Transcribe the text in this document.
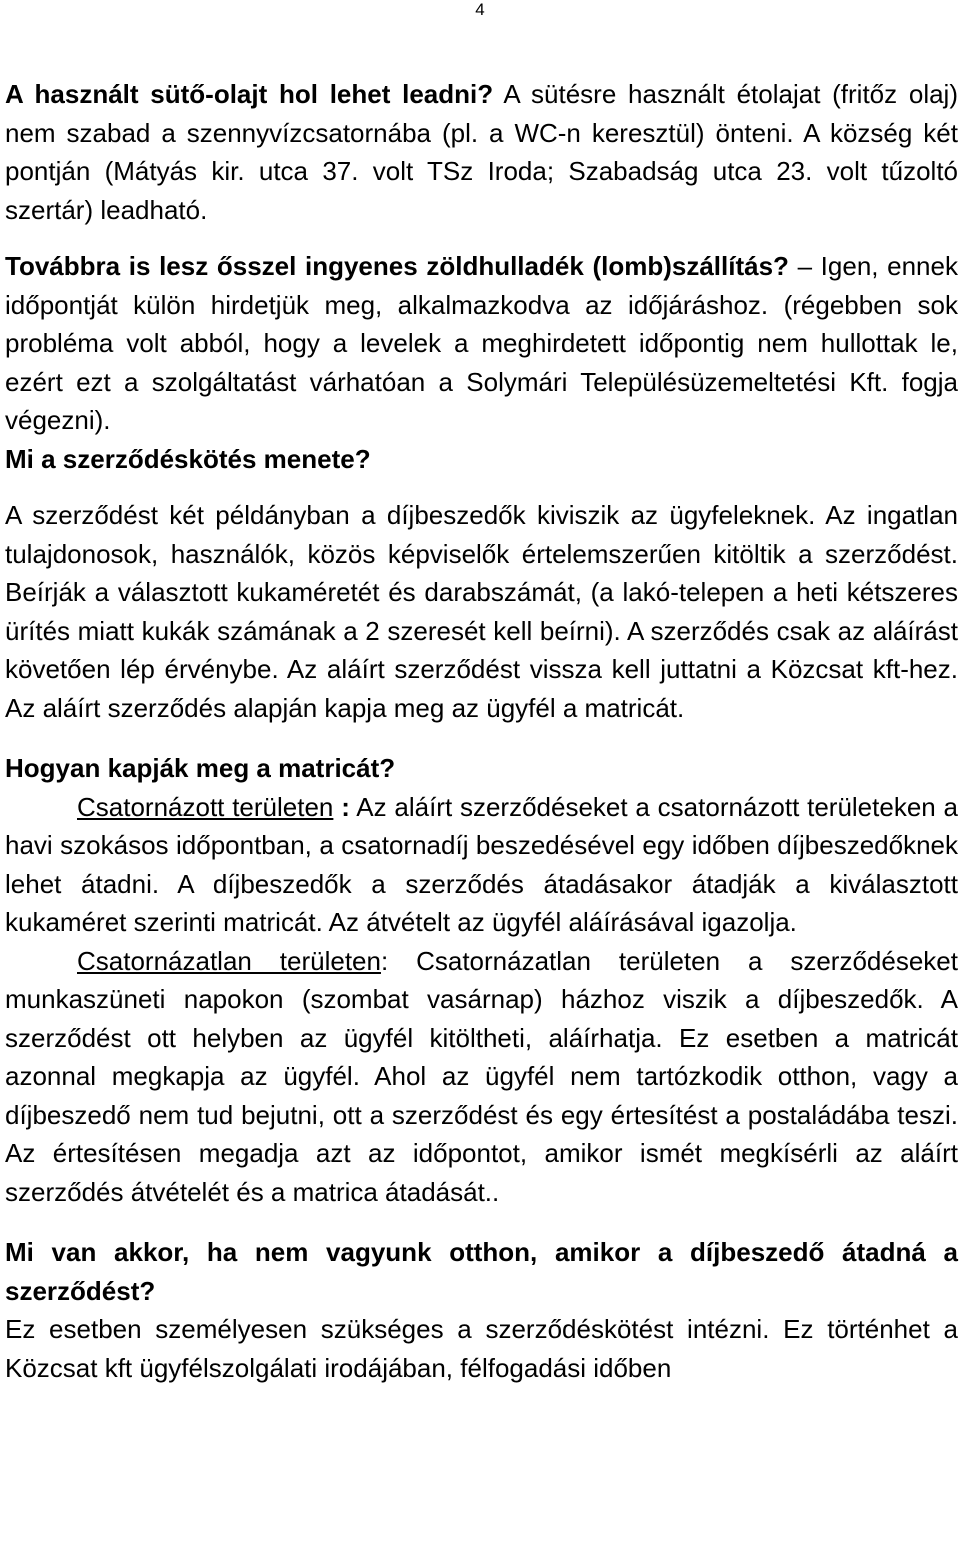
4

A használt sütő-olajt hol lehet leadni? A sütésre használt étolajat (fritőz olaj) nem szabad a szennyvízcsatornába (pl. a WC-n keresztül) önteni. A község két pontján (Mátyás kir. utca 37. volt TSz Iroda; Szabadság utca 23. volt tűzoltó szertár) leadható.

Továbbra is lesz ősszel ingyenes zöldhulladék (lomb)szállítás? – Igen, ennek időpontját külön hirdetjük meg, alkalmazkodva az időjáráshoz. (régebben sok probléma volt abból, hogy a levelek a meghirdetett időpontig nem hullottak le, ezért ezt a szolgáltatást várhatóan a Solymári Településüzemeltetési Kft. fogja végezni).

Mi a szerződéskötés menete?

A szerződést két példányban a díjbeszedők kiviszik az ügyfeleknek. Az ingatlan tulajdonosok, használók, közös képviselők értelemszerűen kitöltik a szerződést. Beírják a választott kukaméretét és darabszámát, (a lakó-telepen a heti kétszeres ürítés miatt kukák számának a 2 szeresét kell beírni). A szerződés csak az aláírást követően lép érvénybe. Az aláírt szerződést vissza kell juttatni a Közcsat kft-hez. Az aláírt szerződés alapján kapja meg az ügyfél a matricát.

Hogyan kapják meg a matricát?

Csatornázott területen : Az aláírt szerződéseket a csatornázott területeken a havi szokásos időpontban, a csatornadíj beszedésével egy időben díjbeszedőknek lehet átadni. A díjbeszedők a szerződés átadásakor átadják a kiválasztott kukaméret szerinti matricát. Az átvételt az ügyfél aláírásával igazolja.

Csatornázatlan területen: Csatornázatlan területen a szerződéseket munkaszüneti napokon (szombat vasárnap) házhoz viszik a díjbeszedők. A szerződést ott helyben az ügyfél kitöltheti, aláírhatja. Ez esetben a matricát azonnal megkapja az ügyfél. Ahol az ügyfél nem tartózkodik otthon, vagy a díjbeszedő nem tud bejutni, ott a szerződést és egy értesítést a postaládába teszi. Az értesítésen megadja azt az időpontot, amikor ismét megkísérli az aláírt szerződés átvételét és a matrica átadását..

Mi van akkor, ha nem vagyunk otthon, amikor a díjbeszedő átadná a szerződést?

Ez esetben személyesen szükséges a szerződéskötést intézni. Ez történhet a Közcsat kft ügyfélszolgálati irodájában, félfogadási időben
